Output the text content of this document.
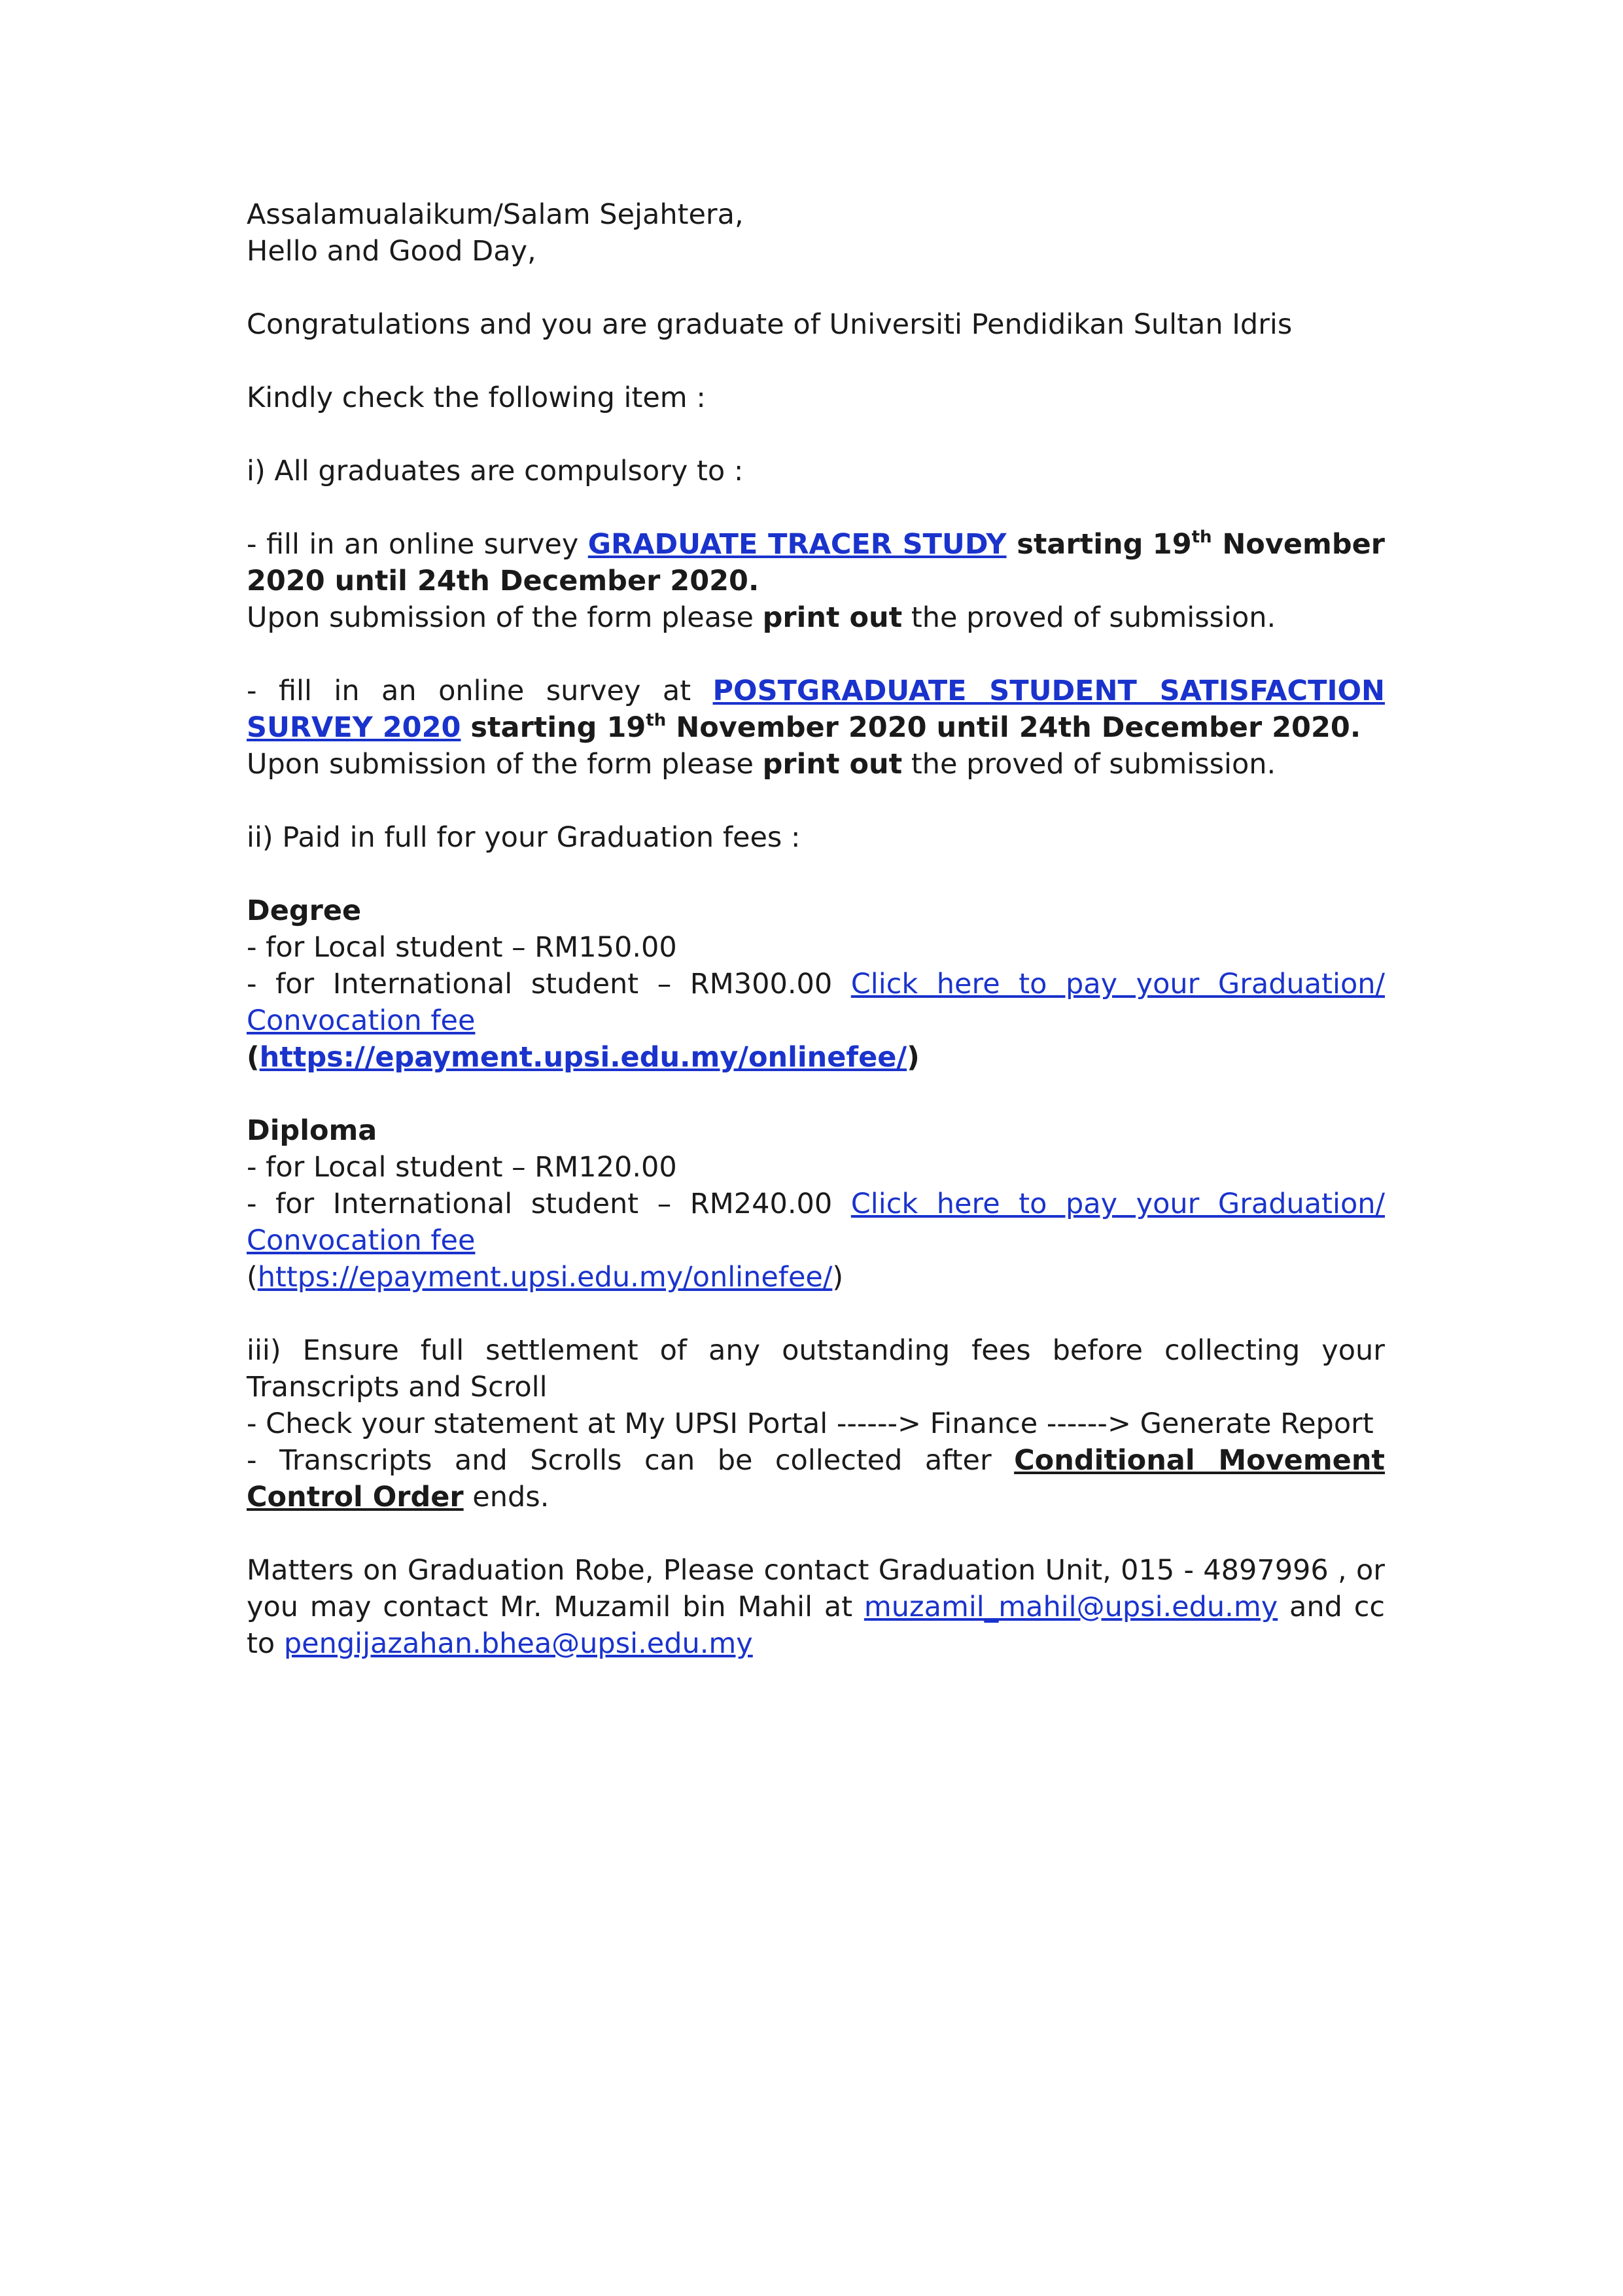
Assalamualaikum/Salam Sejahtera,

Hello and Good Day,

Congratulations and you are graduate of Universiti Pendidikan Sultan Idris

Kindly check the following item :

i) All graduates are compulsory to :

- fill in an online survey GRADUATE TRACER STUDY starting 19th November 2020 until 24th December 2020.

Upon submission of the form please print out the proved of submission.

- fill in an online survey at POSTGRADUATE STUDENT SATISFACTION SURVEY 2020 starting 19th November 2020 until 24th December 2020.

Upon submission of the form please print out the proved of submission.

ii) Paid in full for your Graduation fees :

Degree

- for Local student – RM150.00

- for International student – RM300.00 Click here to pay your Graduation/ Convocation fee

(https://epayment.upsi.edu.my/onlinefee/)

Diploma

- for Local student – RM120.00

- for International student – RM240.00 Click here to pay your Graduation/ Convocation fee

(https://epayment.upsi.edu.my/onlinefee/)

iii) Ensure full settlement of any outstanding fees before collecting your Transcripts and Scroll

- Check your statement at My UPSI Portal ------> Finance ------> Generate Report

- Transcripts and Scrolls can be collected after Conditional Movement Control Order ends.

Matters on Graduation Robe, Please contact Graduation Unit, 015 - 4897996 , or you may contact Mr. Muzamil bin Mahil at muzamil_mahil@upsi.edu.my and cc to pengijazahan.bhea@upsi.edu.my
